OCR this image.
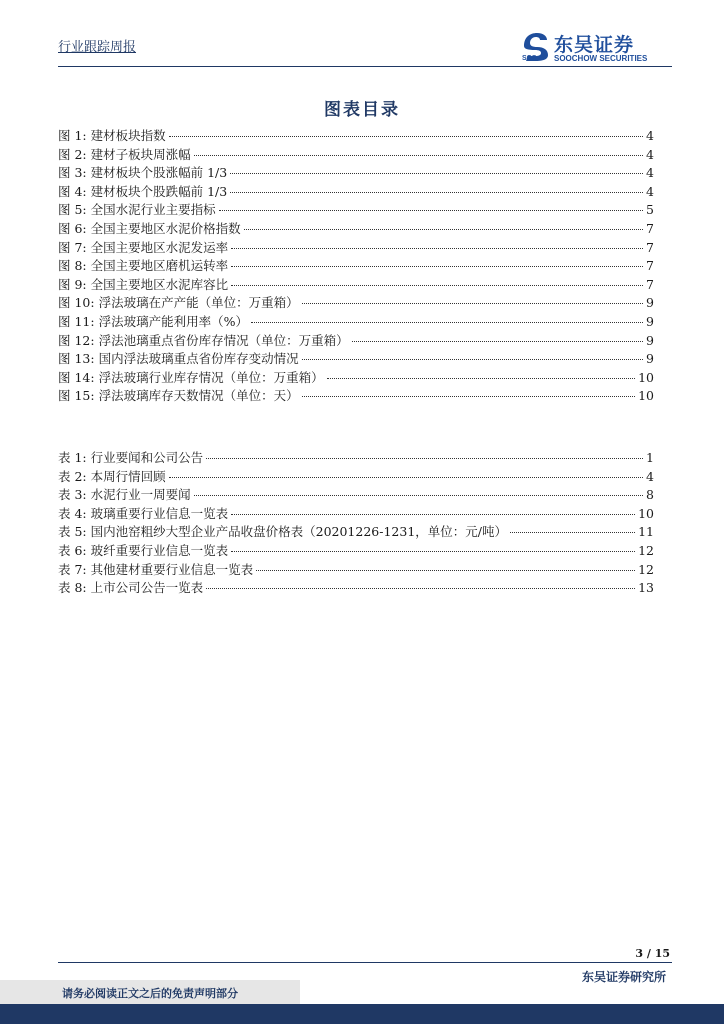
行业跟踪周报
SCS
东吴证券
SOOCHOW SECURITIES
图表目录
图 1: 建材板块指数	4
图 2: 建材子板块周涨幅	4
图 3: 建材板块个股涨幅前 1/3	4
图 4: 建材板块个股跌幅前 1/3	4
图 5: 全国水泥行业主要指标	5
图 6: 全国主要地区水泥价格指数	7
图 7: 全国主要地区水泥发运率	7
图 8: 全国主要地区磨机运转率	7
图 9: 全国主要地区水泥库容比	7
图 10: 浮法玻璃在产产能（单位：万重箱）	9
图 11: 浮法玻璃产能利用率（%）	9
图 12: 浮法池璃重点省份库存情况（单位：万重箱）	9
图 13: 国内浮法玻璃重点省份库存变动情况	9
图 14: 浮法玻璃行业库存情况（单位：万重箱）	10
图 15: 浮法玻璃库存天数情况（单位：天）	10
表 1: 行业要闻和公司公告	1
表 2: 本周行情回顾	4
表 3: 水泥行业一周要闻	8
表 4: 玻璃重要行业信息一览表	10
表 5: 国内池窑粗纱大型企业产品收盘价格表（20201226-1231，单位：元/吨）	11
表 6: 玻纤重要行业信息一览表	12
表 7: 其他建材重要行业信息一览表	12
表 8: 上市公司公告一览表	13
3 / 15
东吴证券研究所
请务必阅读正文之后的免责声明部分
